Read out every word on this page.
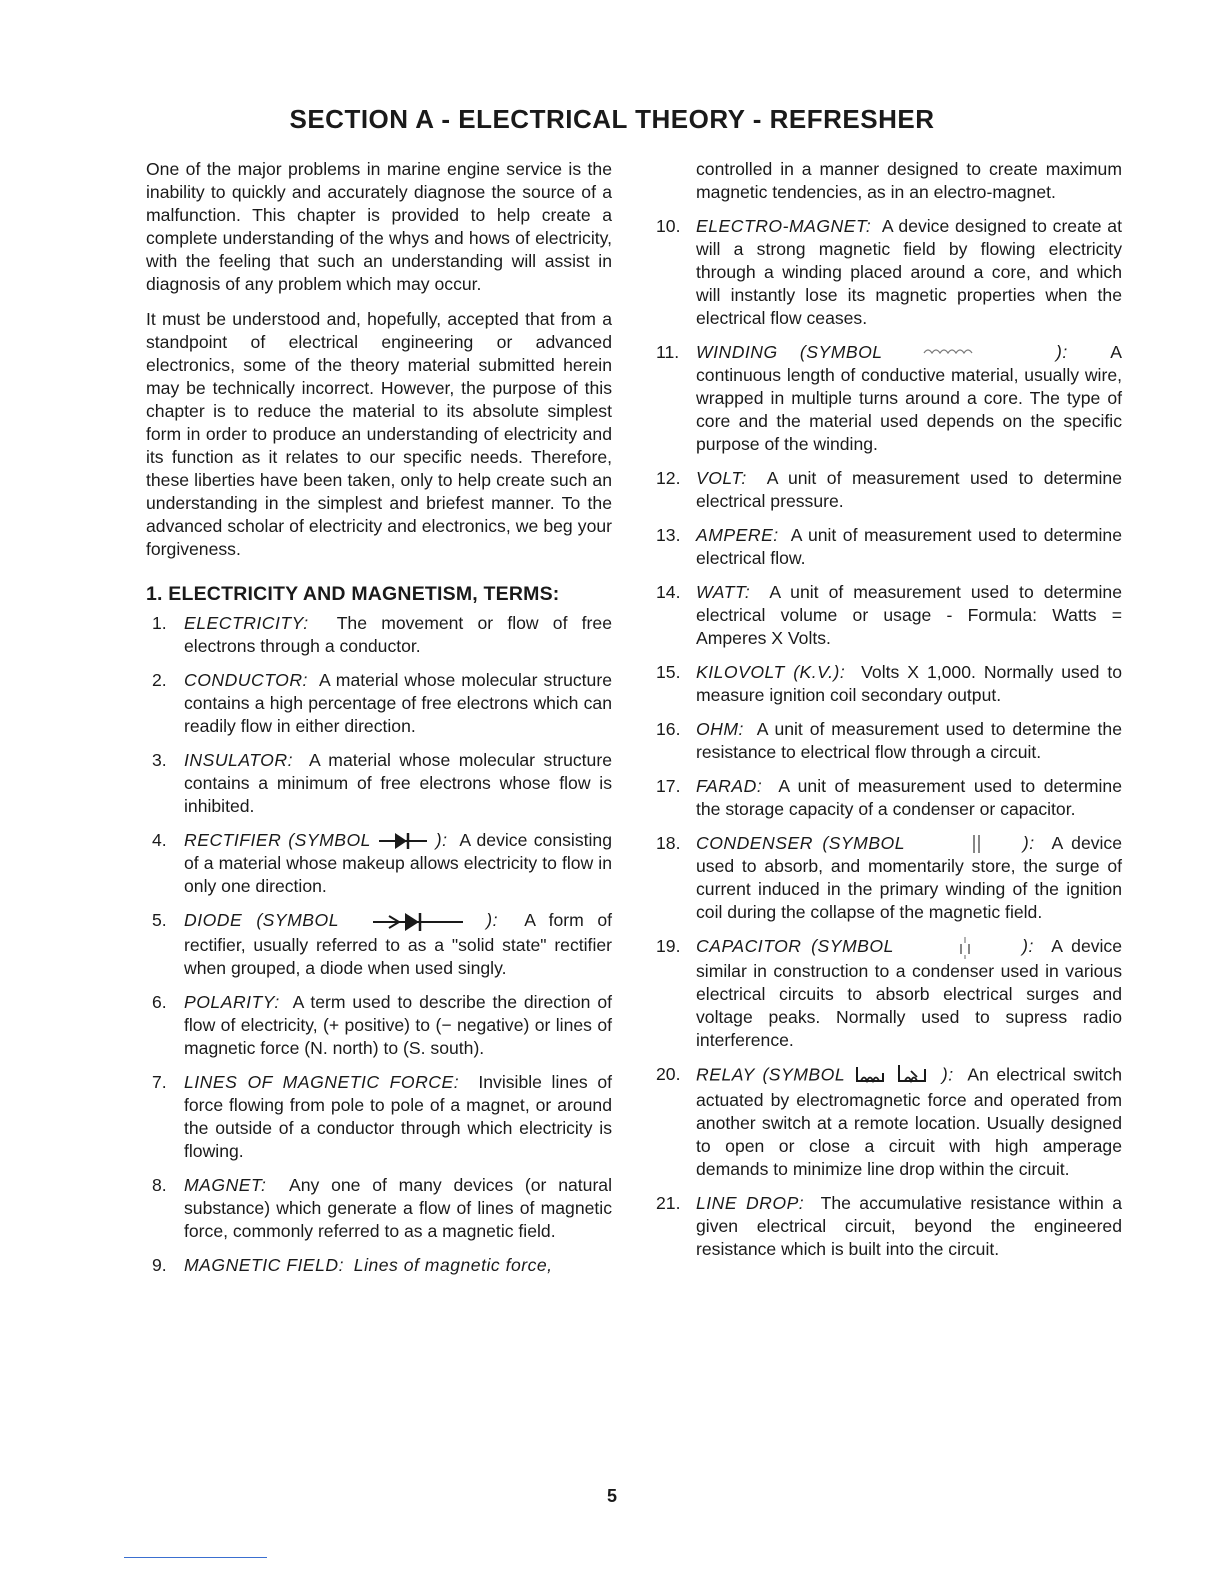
SECTION A - ELECTRICAL THEORY - REFRESHER

One of the major problems in marine engine service is the inability to quickly and accurately diagnose the source of a malfunction. This chapter is provided to help create a complete understanding of the whys and hows of electricity, with the feeling that such an understanding will assist in diagnosis of any problem which may occur.

It must be understood and, hopefully, accepted that from a standpoint of electrical engineering or advanced electronics, some of the theory material submitted herein may be technically incorrect. However, the purpose of this chapter is to reduce the material to its absolute simplest form in order to produce an understanding of electricity and its function as it relates to our specific needs. Therefore, these liberties have been taken, only to help create such an understanding in the simplest and briefest manner. To the advanced scholar of electricity and electronics, we beg your forgiveness.

1. ELECTRICITY AND MAGNETISM, TERMS:
1. ELECTRICITY: The movement or flow of free electrons through a conductor.
2. CONDUCTOR: A material whose molecular structure contains a high percentage of free electrons which can readily flow in either direction.
3. INSULATOR: A material whose molecular structure contains a minimum of free electrons whose flow is inhibited.
4. RECTIFIER (SYMBOL	): A device consisting of a material whose makeup allows electricity to flow in only one direction.
5. DIODE (SYMBOL	): A form of rectifier, usually referred to as a "solid state" rectifier when grouped, a diode when used singly.
6. POLARITY: A term used to describe the direction of flow of electricity, (+ positive) to (− negative) or lines of magnetic force (N. north) to (S. south).
7. LINES OF MAGNETIC FORCE: Invisible lines of force flowing from pole to pole of a magnet, or around the outside of a conductor through which electricity is flowing.
8. MAGNET: Any one of many devices (or natural substance) which generate a flow of lines of magnetic force, commonly referred to as a magnetic field.
9. MAGNETIC FIELD: Lines of magnetic force,
controlled in a manner designed to create maximum magnetic tendencies, as in an electro-magnet.
10. ELECTRO-MAGNET: A device designed to create at will a strong magnetic field by flowing electricity through a winding placed around a core, and which will instantly lose its magnetic properties when the electrical flow ceases.
11. WINDING (SYMBOL	): A continuous length of conductive material, usually wire, wrapped in multiple turns around a core. The type of core and the material used depends on the specific purpose of the winding.
12. VOLT: A unit of measurement used to determine electrical pressure.
13. AMPERE: A unit of measurement used to determine electrical flow.
14. WATT: A unit of measurement used to determine electrical volume or usage - Formula: Watts = Amperes X Volts.
15. KILOVOLT (K.V.): Volts X 1,000. Normally used to measure ignition coil secondary output.
16. OHM: A unit of measurement used to determine the resistance to electrical flow through a circuit.
17. FARAD: A unit of measurement used to determine the storage capacity of a condenser or capacitor.
18. CONDENSER (SYMBOL	): A device used to absorb, and momentarily store, the surge of current induced in the primary winding of the ignition coil during the collapse of the magnetic field.
19. CAPACITOR (SYMBOL	): A device similar in construction to a condenser used in various electrical circuits to absorb electrical surges and voltage peaks. Normally used to supress radio interference.
20. RELAY (SYMBOL	): An electrical switch actuated by electromagnetic force and operated from another switch at a remote location. Usually designed to open or close a circuit with high amperage demands to minimize line drop within the circuit.
21. LINE DROP: The accumulative resistance within a given electrical circuit, beyond the engineered resistance which is built into the circuit.
5
